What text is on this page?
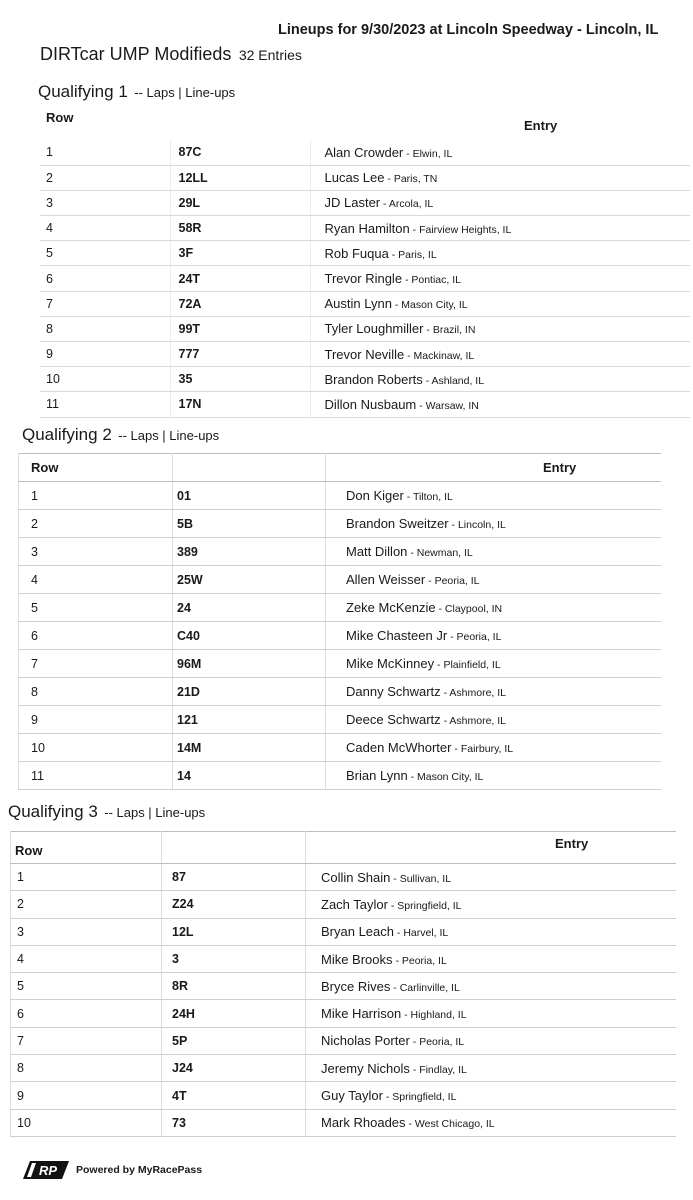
Lineups for 9/30/2023 at Lincoln Speedway - Lincoln, IL
DIRTcar UMP Modifieds 32 Entries
Qualifying 1 -- Laps | Line-ups
Row		Entry
1	87C	Alan Crowder - Elwin, IL
2	12LL	Lucas Lee - Paris, TN
3	29L	JD Laster - Arcola, IL
4	58R	Ryan Hamilton - Fairview Heights, IL
5	3F	Rob Fuqua - Paris, IL
6	24T	Trevor Ringle - Pontiac, IL
7	72A	Austin Lynn - Mason City, IL
8	99T	Tyler Loughmiller - Brazil, IN
9	777	Trevor Neville - Mackinaw, IL
10	35	Brandon Roberts - Ashland, IL
11	17N	Dillon Nusbaum - Warsaw, IN
Qualifying 2 -- Laps | Line-ups
Row		Entry
1	01	Don Kiger - Tilton, IL
2	5B	Brandon Sweitzer - Lincoln, IL
3	389	Matt Dillon - Newman, IL
4	25W	Allen Weisser - Peoria, IL
5	24	Zeke McKenzie - Claypool, IN
6	C40	Mike Chasteen Jr - Peoria, IL
7	96M	Mike McKinney - Plainfield, IL
8	21D	Danny Schwartz - Ashmore, IL
9	121	Deece Schwartz - Ashmore, IL
10	14M	Caden McWhorter - Fairbury, IL
11	14	Brian Lynn - Mason City, IL
Qualifying 3 -- Laps | Line-ups
Row		Entry
1	87	Collin Shain - Sullivan, IL
2	Z24	Zach Taylor - Springfield, IL
3	12L	Bryan Leach - Harvel, IL
4	3	Mike Brooks - Peoria, IL
5	8R	Bryce Rives - Carlinville, IL
6	24H	Mike Harrison - Highland, IL
7	5P	Nicholas Porter - Peoria, IL
8	J24	Jeremy Nichols - Findlay, IL
9	4T	Guy Taylor - Springfield, IL
10	73	Mark Rhoades - West Chicago, IL
RP Powered by MyRacePass
